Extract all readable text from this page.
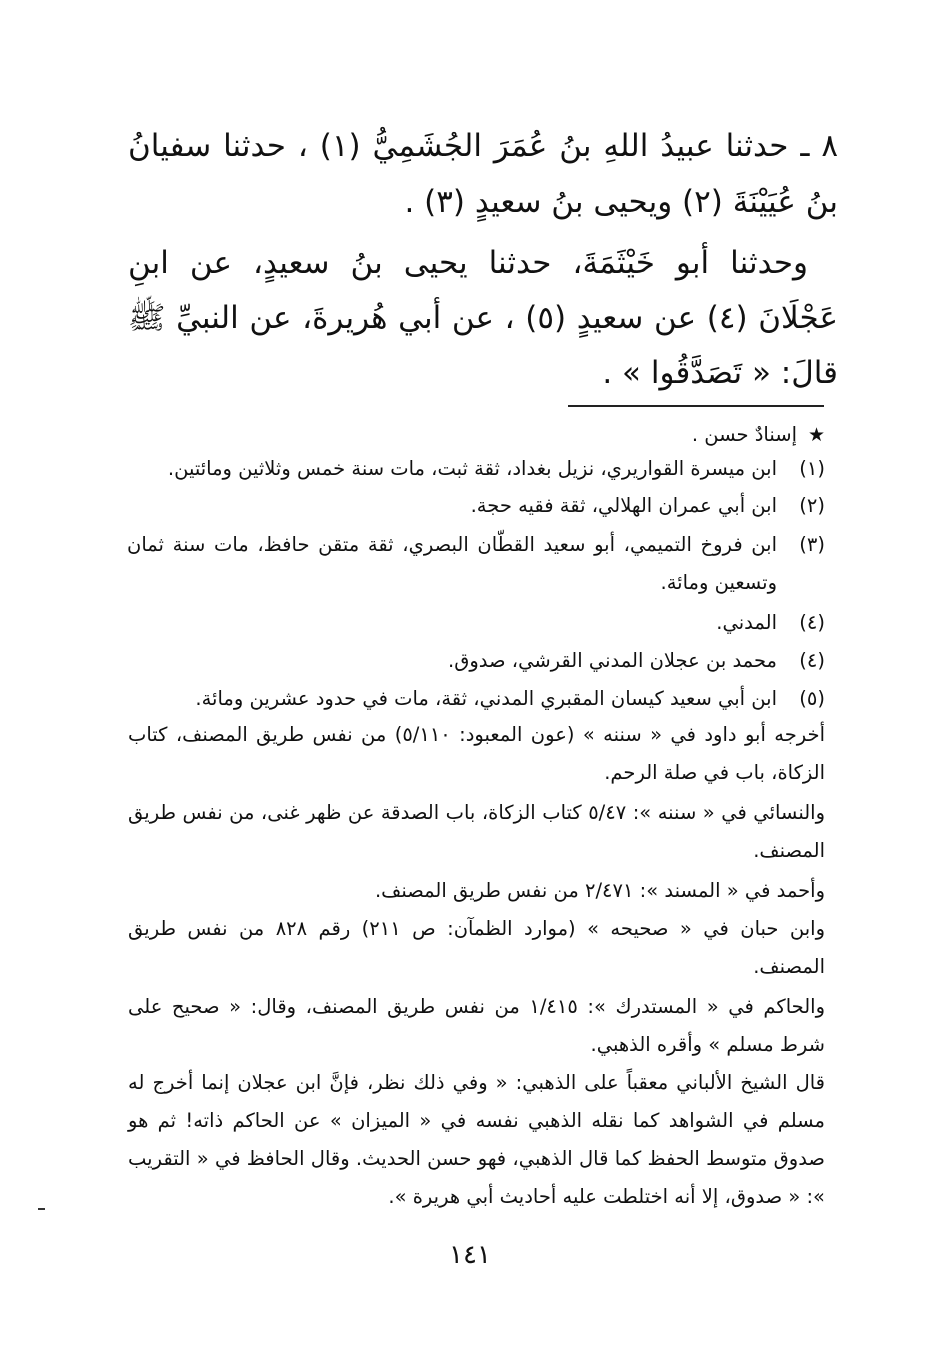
٨ ـ حدثنا عبيدُ اللهِ بنُ عُمَرَ الجُشَمِيُّ (١) ، حدثنا سفيانُ بنُ عُيَيْنَةَ (٢) ويحيى بنُ سعيدٍ (٣) .
وحدثنا أبو خَيْثَمَةَ، حدثنا يحيى بنُ سعيدٍ، عن ابنِ عَجْلَانَ (٤) عن سعيدٍ (٥) ، عن أبي هُريرةَ، عن النبيِّ ﷺ قالَ: « تَصَدَّقُوا » .
★
إسنادٌ حسن .
(١)
ابن ميسرة القواريري، نزيل بغداد، ثقة ثبت، مات سنة خمس وثلاثين ومائتين.
(٢)
ابن أبي عمران الهلالي، ثقة فقيه حجة.
(٣)
ابن فروخ التميمي، أبو سعيد القطّان البصري، ثقة متقن حافظ، مات سنة ثمان وتسعين ومائة.
(٤)
المدني.
(٤)
محمد بن عجلان المدني القرشي، صدوق.
(٥)
ابن أبي سعيد كيسان المقبري المدني، ثقة، مات في حدود عشرين ومائة.
أخرجه أبو داود في « سننه » (عون المعبود: ٥/١١٠) من نفس طريق المصنف، كتاب الزكاة، باب في صلة الرحم.
والنسائي في « سننه »: ٥/٤٧ كتاب الزكاة، باب الصدقة عن ظهر غنى، من نفس طريق المصنف.
وأحمد في « المسند »: ٢/٤٧١ من نفس طريق المصنف.
وابن حبان في « صحيحه » (موارد الظمآن: ص ٢١١) رقم ٨٢٨ من نفس طريق المصنف.
والحاكم في « المستدرك »: ١/٤١٥ من نفس طريق المصنف، وقال: « صحيح على شرط مسلم » وأقره الذهبي.
قال الشيخ الألباني معقباً على الذهبي: « وفي ذلك نظر، فإنَّ ابن عجلان إنما أخرج له مسلم في الشواهد كما نقله الذهبي نفسه في « الميزان » عن الحاكم ذاته! ثم هو صدوق متوسط الحفظ كما قال الذهبي، فهو حسن الحديث. وقال الحافظ في « التقريب »: « صدوق، إلا أنه اختلطت عليه أحاديث أبي هريرة ».
١٤١
